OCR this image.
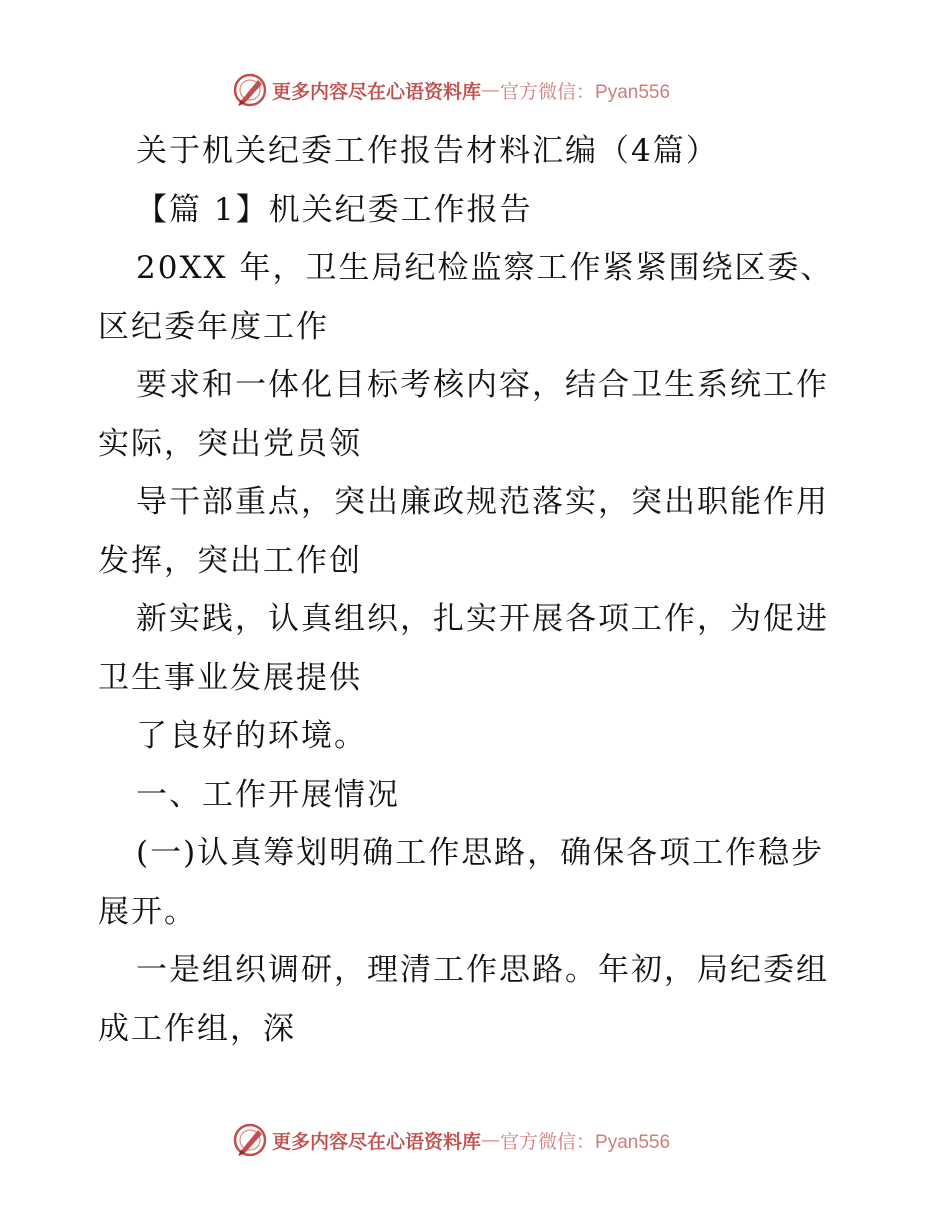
更多内容尽在心语资料库 — 官方微信：Pyan556
关于机关纪委工作报告材料汇编（4篇）
【篇 1】机关纪委工作报告
20XX 年，卫生局纪检监察工作紧紧围绕区委、
区纪委年度工作
要求和一体化目标考核内容，结合卫生系统工作
实际，突出党员领
导干部重点，突出廉政规范落实，突出职能作用
发挥，突出工作创
新实践，认真组织，扎实开展各项工作，为促进
卫生事业发展提供
了良好的环境。
一、工作开展情况
(一)认真筹划明确工作思路，确保各项工作稳步
展开。
一是组织调研，理清工作思路。年初，局纪委组
成工作组，深
更多内容尽在心语资料库 — 官方微信：Pyan556
